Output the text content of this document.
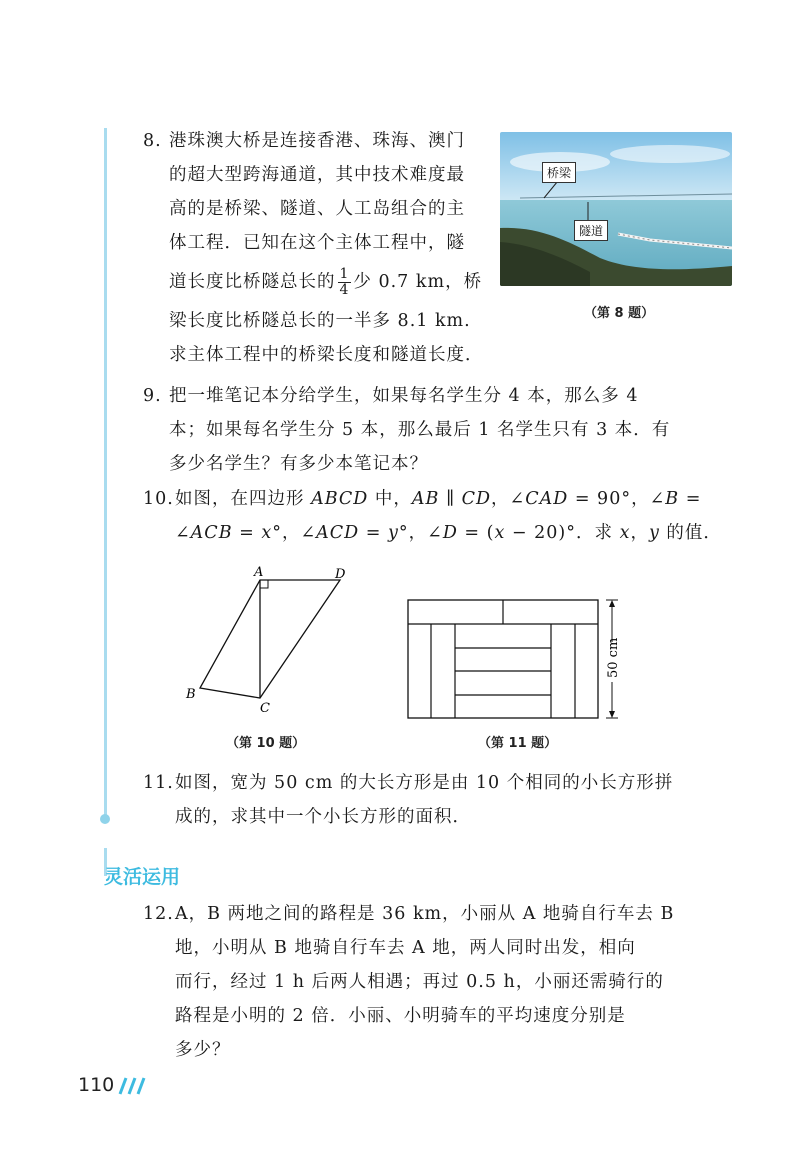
8. 港珠澳大桥是连接香港、珠海、澳门
的超大型跨海通道，其中技术难度最
高的是桥梁、隧道、人工岛组合的主
体工程．已知在这个主体工程中，隧
道长度比桥隧总长的 $\frac{1}{4}$ 少 0.7 km，桥
梁长度比桥隧总长的一半多 8.1 km.
求主体工程中的桥梁长度和隧道长度．
桥梁
隧道
（第 8 题）
9. 把一堆笔记本分给学生，如果每名学生分 4 本，那么多 4
本；如果每名学生分 5 本，那么最后 1 名学生只有 3 本．有
多少名学生？有多少本笔记本？
10. 如图，在四边形 ABCD 中，AB ∥ CD，∠CAD = 90°，∠B =
∠ACB = x°，∠ACD = y°，∠D = (x − 20)°．求 x，y 的值．
A	D
B
C
（第 10 题）
50 cm
（第 11 题）
11. 如图，宽为 50 cm 的大长方形是由 10 个相同的小长方形拼
成的，求其中一个小长方形的面积．
灵活运用
12. A，B 两地之间的路程是 36 km，小丽从 A 地骑自行车去 B
地，小明从 B 地骑自行车去 A 地，两人同时出发，相向
而行，经过 1 h 后两人相遇；再过 0.5 h，小丽还需骑行的
路程是小明的 2 倍．小丽、小明骑车的平均速度分别是
多少？
110
